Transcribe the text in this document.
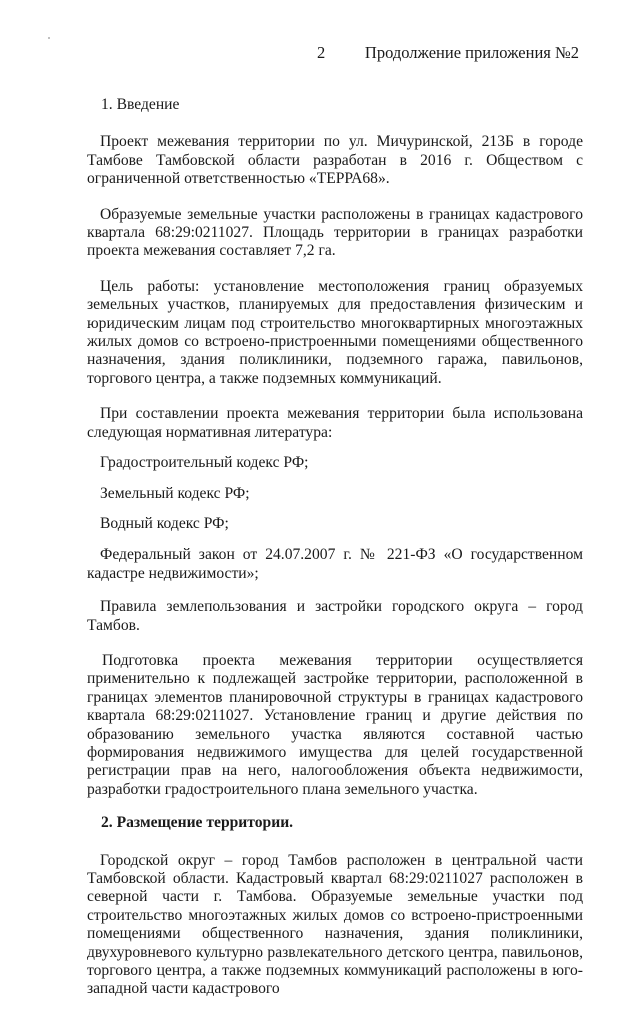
2 Продолжение приложения №2

1. Введение

Проект межевания территории по ул. Мичуринской, 213Б в городе Тамбове Тамбовской области разработан в 2016 г. Обществом с ограниченной ответственностью «ТЕРРА68».

Образуемые земельные участки расположены в границах кадастрового квартала 68:29:0211027. Площадь территории в границах разработки проекта межевания составляет 7,2 га.

Цель работы: установление местоположения границ образуемых земельных участков, планируемых для предоставления физическим и юридическим лицам под строительство многоквартирных многоэтажных жилых домов со встроено-пристроенными помещениями общественного назначения, здания поликлиники, подземного гаража, павильонов, торгового центра, а также подземных коммуникаций.

При составлении проекта межевания территории была использована следующая нормативная литература:

Градостроительный кодекс РФ;

Земельный кодекс РФ;

Водный кодекс РФ;

Федеральный закон от 24.07.2007 г. № 221-ФЗ «О государственном кадастре недвижимости»;

Правила землепользования и застройки городского округа – город Тамбов.

Подготовка проекта межевания территории осуществляется применительно к подлежащей застройке территории, расположенной в границах элементов планировочной структуры в границах кадастрового квартала 68:29:0211027. Установление границ и другие действия по образованию земельного участка являются составной частью формирования недвижимого имущества для целей государственной регистрации прав на него, налогообложения объекта недвижимости, разработки градостроительного плана земельного участка.

2. Размещение территории.

Городской округ – город Тамбов расположен в центральной части Тамбовской области. Кадастровый квартал 68:29:0211027 расположен в северной части г. Тамбова. Образуемые земельные участки под строительство многоэтажных жилых домов со встроено-пристроенными помещениями общественного назначения, здания поликлиники, двухуровневого культурно развлекательного детского центра, павильонов, торгового центра, а также подземных коммуникаций расположены в юго-западной части кадастрового
